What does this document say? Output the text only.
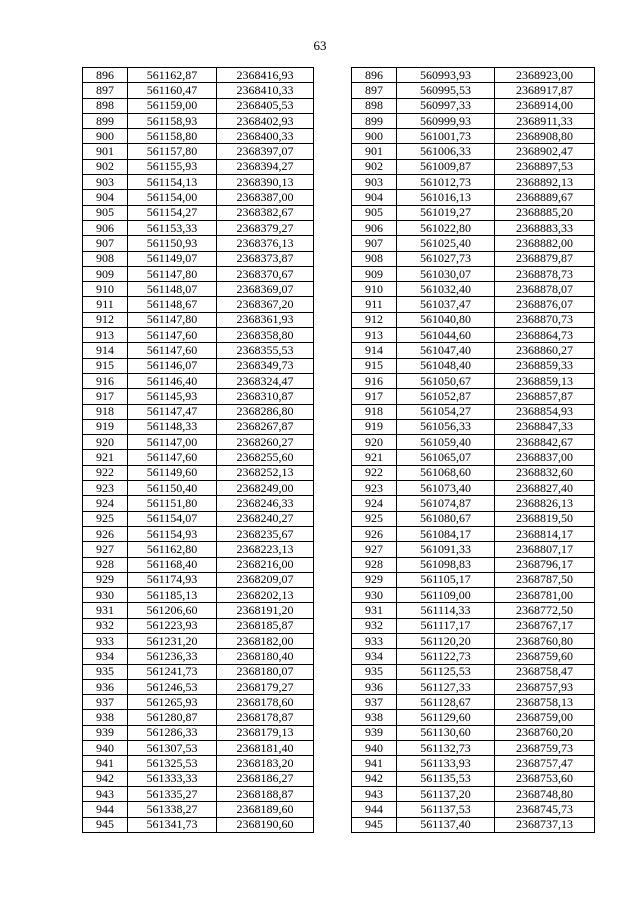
63
896	561162,87	2368416,93		896	560993,93	2368923,00
897	561160,47	2368410,33		897	560995,53	2368917,87
898	561159,00	2368405,53		898	560997,33	2368914,00
899	561158,93	2368402,93		899	560999,93	2368911,33
900	561158,80	2368400,33		900	561001,73	2368908,80
901	561157,80	2368397,07		901	561006,33	2368902,47
902	561155,93	2368394,27		902	561009,87	2368897,53
903	561154,13	2368390,13		903	561012,73	2368892,13
904	561154,00	2368387,00		904	561016,13	2368889,67
905	561154,27	2368382,67		905	561019,27	2368885,20
906	561153,33	2368379,27		906	561022,80	2368883,33
907	561150,93	2368376,13		907	561025,40	2368882,00
908	561149,07	2368373,87		908	561027,73	2368879,87
909	561147,80	2368370,67		909	561030,07	2368878,73
910	561148,07	2368369,07		910	561032,40	2368878,07
911	561148,67	2368367,20		911	561037,47	2368876,07
912	561147,80	2368361,93		912	561040,80	2368870,73
913	561147,60	2368358,80		913	561044,60	2368864,73
914	561147,60	2368355,53		914	561047,40	2368860,27
915	561146,07	2368349,73		915	561048,40	2368859,33
916	561146,40	2368324,47		916	561050,67	2368859,13
917	561145,93	2368310,87		917	561052,87	2368857,87
918	561147,47	2368286,80		918	561054,27	2368854,93
919	561148,33	2368267,87		919	561056,33	2368847,33
920	561147,00	2368260,27		920	561059,40	2368842,67
921	561147,60	2368255,60		921	561065,07	2368837,00
922	561149,60	2368252,13		922	561068,60	2368832,60
923	561150,40	2368249,00		923	561073,40	2368827,40
924	561151,80	2368246,33		924	561074,87	2368826,13
925	561154,07	2368240,27		925	561080,67	2368819,50
926	561154,93	2368235,67		926	561084,17	2368814,17
927	561162,80	2368223,13		927	561091,33	2368807,17
928	561168,40	2368216,00		928	561098,83	2368796,17
929	561174,93	2368209,07		929	561105,17	2368787,50
930	561185,13	2368202,13		930	561109,00	2368781,00
931	561206,60	2368191,20		931	561114,33	2368772,50
932	561223,93	2368185,87		932	561117,17	2368767,17
933	561231,20	2368182,00		933	561120,20	2368760,80
934	561236,33	2368180,40		934	561122,73	2368759,60
935	561241,73	2368180,07		935	561125,53	2368758,47
936	561246,53	2368179,27		936	561127,33	2368757,93
937	561265,93	2368178,60		937	561128,67	2368758,13
938	561280,87	2368178,87		938	561129,60	2368759,00
939	561286,33	2368179,13		939	561130,60	2368760,20
940	561307,53	2368181,40		940	561132,73	2368759,73
941	561325,53	2368183,20		941	561133,93	2368757,47
942	561333,33	2368186,27		942	561135,53	2368753,60
943	561335,27	2368188,87		943	561137,20	2368748,80
944	561338,27	2368189,60		944	561137,53	2368745,73
945	561341,73	2368190,60		945	561137,40	2368737,13
